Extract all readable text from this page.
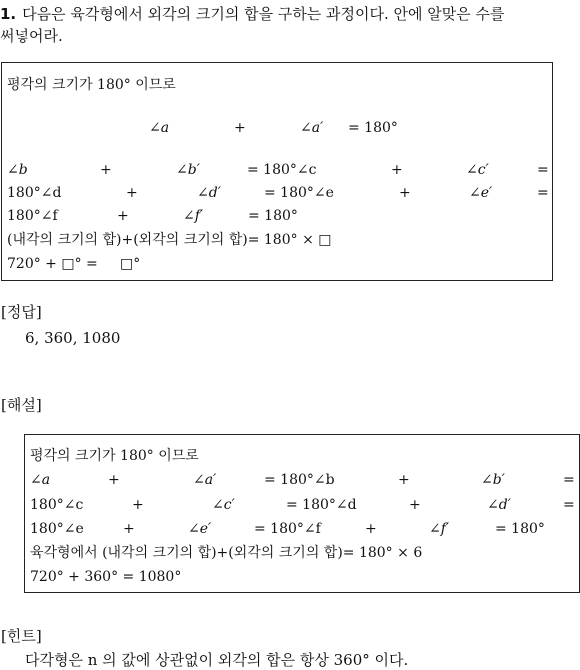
1. 다음은 육각형에서 외각의 크기의 합을 구하는 과정이다. 안에 알맞은 수를
써넣어라.
평각의 크기가 180° 이므로
∠a	+	∠a′ = 180°
∠b	+	∠b′	= 180°∠c	+	∠c′	=
180°∠d	+	∠d′	= 180°∠e	+	∠e′	=
180°∠f	+	∠f′	= 180°
(내각의 크기의 합)+(외각의 크기의 합)= 180° × □
720° + □° = □°
[정답]
6, 360, 1080
[해설]
평각의 크기가 180° 이므로
∠a	+	∠a′	= 180°∠b	+	∠b′	=
180°∠c	+	∠c′	= 180°∠d	+	∠d′	=
180°∠e	+	∠e′	= 180°∠f	+	∠f′	= 180°
육각형에서 (내각의 크기의 합)+(외각의 크기의 합)= 180° × 6
720° + 360° = 1080°
[힌트]
다각형은 n 의 값에 상관없이 외각의 합은 항상 360° 이다.
